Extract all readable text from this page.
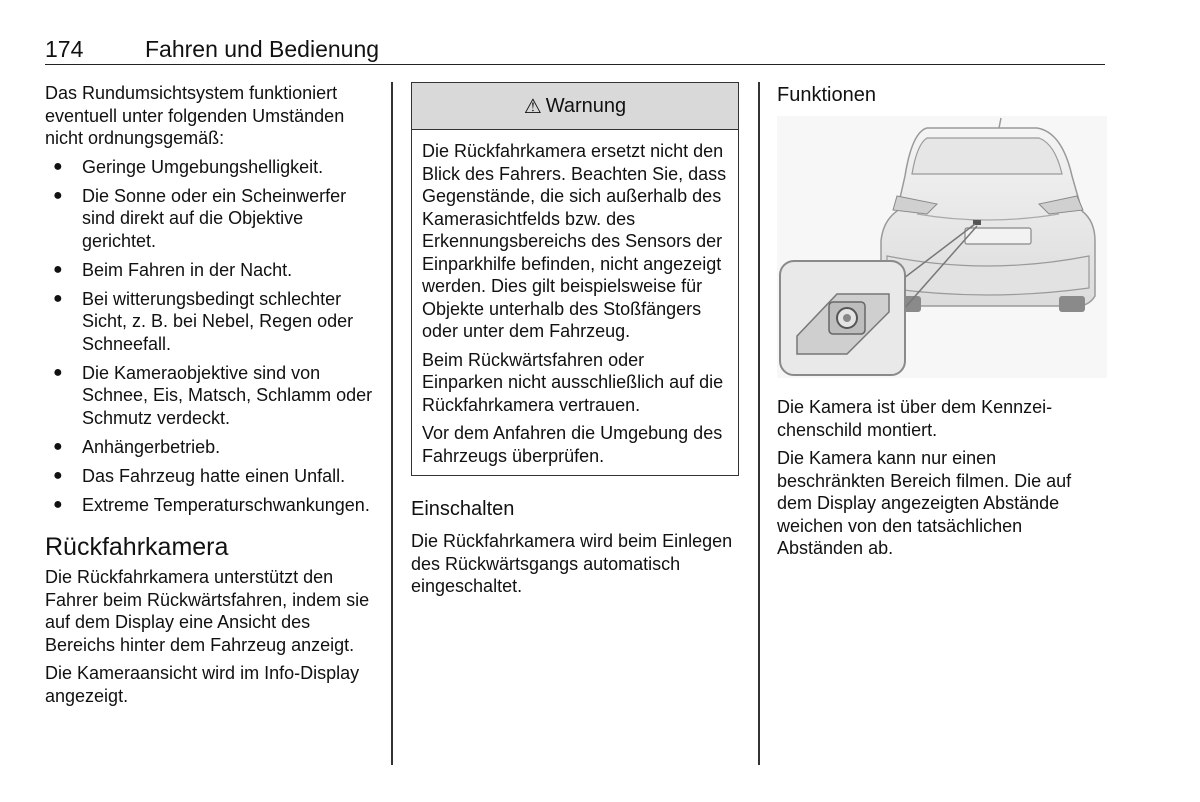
174	Fahren und Bedienung

Das Rundumsichtsystem funktioniert eventuell unter folgenden Umständen nicht ordnungsgemäß:

● Geringe Umgebungshelligkeit.
● Die Sonne oder ein Scheinwerfer sind direkt auf die Objektive gerichtet.
● Beim Fahren in der Nacht.
● Bei witterungsbedingt schlechter Sicht, z. B. bei Nebel, Regen oder Schneefall.
● Die Kameraobjektive sind von Schnee, Eis, Matsch, Schlamm oder Schmutz verdeckt.
● Anhängerbetrieb.
● Das Fahrzeug hatte einen Unfall.
● Extreme Temperaturschwankungen.
Rückfahrkamera

Die Rückfahrkamera unterstützt den Fahrer beim Rückwärtsfahren, indem sie auf dem Display eine Ansicht des Bereichs hinter dem Fahrzeug anzeigt.

Die Kameraansicht wird im Info-Display angezeigt.

⚠ Warnung

Die Rückfahrkamera ersetzt nicht den Blick des Fahrers. Beachten Sie, dass Gegenstände, die sich außerhalb des Kamerasichtfelds bzw. des Erkennungsbereichs des Sensors der Einparkhilfe befinden, nicht angezeigt werden. Dies gilt beispielsweise für Objekte unterhalb des Stoßfängers oder unter dem Fahrzeug.

Beim Rückwärtsfahren oder Einparken nicht ausschließlich auf die Rückfahrkamera vertrauen.

Vor dem Anfahren die Umgebung des Fahrzeugs überprüfen.

Einschalten

Die Rückfahrkamera wird beim Einlegen des Rückwärtsgangs automatisch eingeschaltet.

Funktionen

Die Kamera ist über dem Kennzeichenschild montiert.

Die Kamera kann nur einen beschränkten Bereich filmen. Die auf dem Display angezeigten Abstände weichen von den tatsächlichen Abständen ab.
